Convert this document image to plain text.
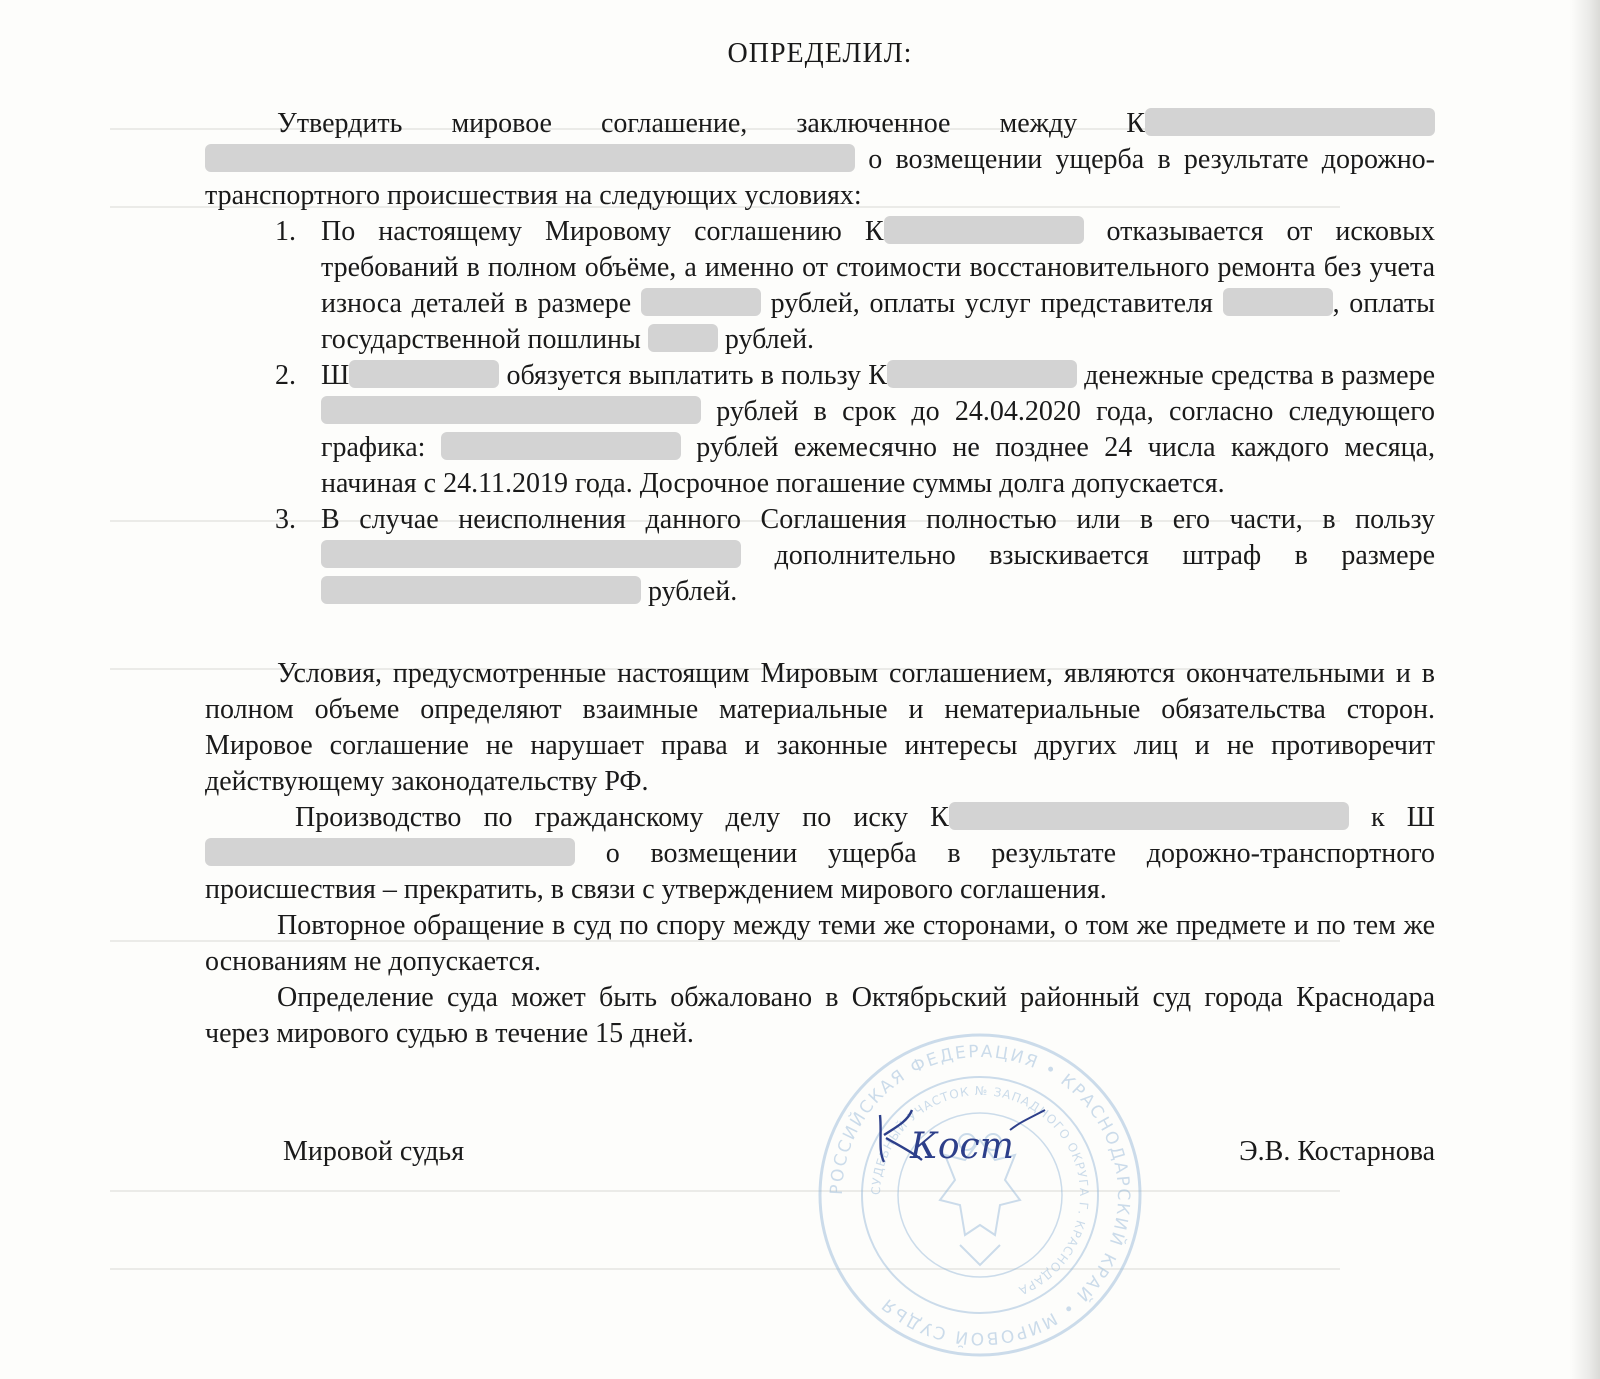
ОПРЕДЕЛИЛ:

Утвердить мировое соглашение, заключенное между К  о возмещении ущерба в результате дорожно-транспортного происшествия на следующих условиях:

1. По настоящему Мировому соглашению К	отказывается от исковых требований в полном объёме, а именно от стоимости восстановительного ремонта без учета износа деталей в размере	рублей, оплаты услуг представителя	, оплаты государственной пошлины	рублей.
2. Ш	обязуется выплатить в пользу К	денежные средства в размере  рублей в срок до 24.04.2020 года, согласно следующего графика:	рублей ежемесячно не позднее 24 числа каждого месяца, начиная с 24.11.2019 года. Досрочное погашение суммы долга допускается.
3. В случае неисполнения данного Соглашения полностью или в его части, в пользу  дополнительно взыскивается штраф в размере  рублей.

Условия, предусмотренные настоящим Мировым соглашением, являются окончательными и в полном объеме определяют взаимные материальные и нематериальные обязательства сторон. Мировое соглашение не нарушает права и законные интересы других лиц и не противоречит действующему законодательству РФ.

Производство по гражданскому делу по иску К	к Ш о возмещении ущерба в результате дорожно-транспортного происшествия – прекратить, в связи с утверждением мирового соглашения.

Повторное обращение в суд по спору между теми же сторонами, о том же предмете и по тем же основаниям не допускается.

Определение суда может быть обжаловано в Октябрьский районный суд города Краснодара через мирового судью в течение 15 дней.

РОССИЙСКАЯ ФЕДЕРАЦИЯ • КРАСНОДАРСКИЙ КРАЙ • МИРОВОЙ СУДЬЯ
СУДЕБНЫЙ УЧАСТОК № ЗАПАДНОГО ОКРУГА Г. КРАСНОДАРА
Кост
Мировой судья	Э.В. Костарнова
